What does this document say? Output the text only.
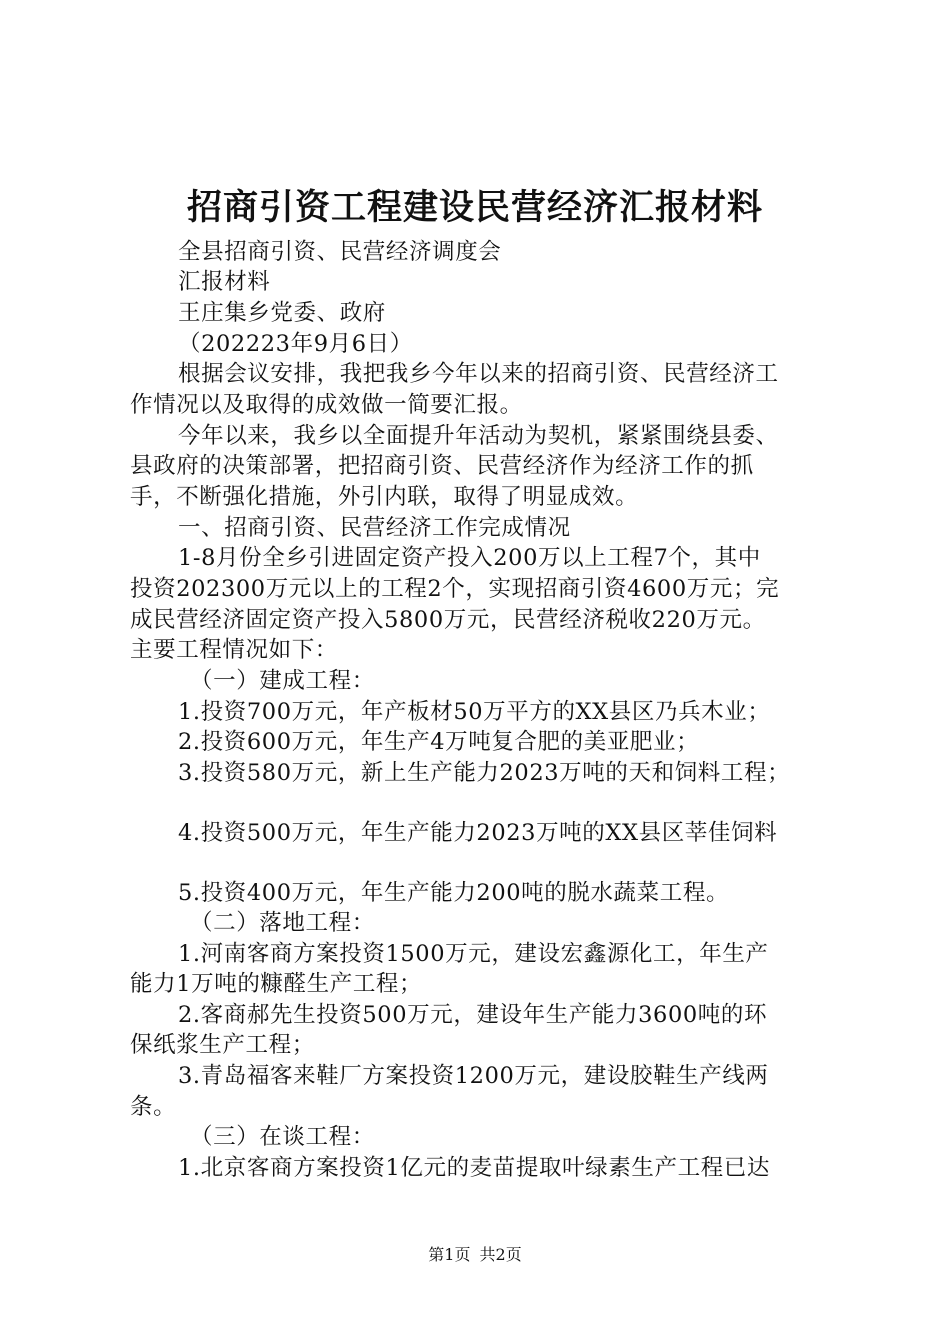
招商引资工程建设民营经济汇报材料
全县招商引资、民营经济调度会
汇报材料
王庄集乡党委、政府
（202223年9月6日）
根据会议安排，我把我乡今年以来的招商引资、民营经济工
作情况以及取得的成效做一简要汇报。
今年以来，我乡以全面提升年活动为契机，紧紧围绕县委、
县政府的决策部署，把招商引资、民营经济作为经济工作的抓
手，不断强化措施，外引内联，取得了明显成效。
一、招商引资、民营经济工作完成情况
1-8月份全乡引进固定资产投入200万以上工程7个，其中
投资202300万元以上的工程2个，实现招商引资4600万元；完
成民营经济固定资产投入5800万元，民营经济税收220万元。
主要工程情况如下：
（一）建成工程：
1.投资700万元，年产板材50万平方的XX县区乃兵木业；
2.投资600万元，年生产4万吨复合肥的美亚肥业；
3.投资580万元，新上生产能力2023万吨的天和饲料工程；
4.投资500万元，年生产能力2023万吨的XX县区莘佳饲料
5.投资400万元，年生产能力200吨的脱水蔬菜工程。
（二）落地工程：
1.河南客商方案投资1500万元，建设宏鑫源化工，年生产
能力1万吨的糠醛生产工程；
2.客商郝先生投资500万元，建设年生产能力3600吨的环
保纸浆生产工程；
3.青岛福客来鞋厂方案投资1200万元，建设胶鞋生产线两
条。
（三）在谈工程：
1.北京客商方案投资1亿元的麦苗提取叶绿素生产工程已达
第1页 共2页
